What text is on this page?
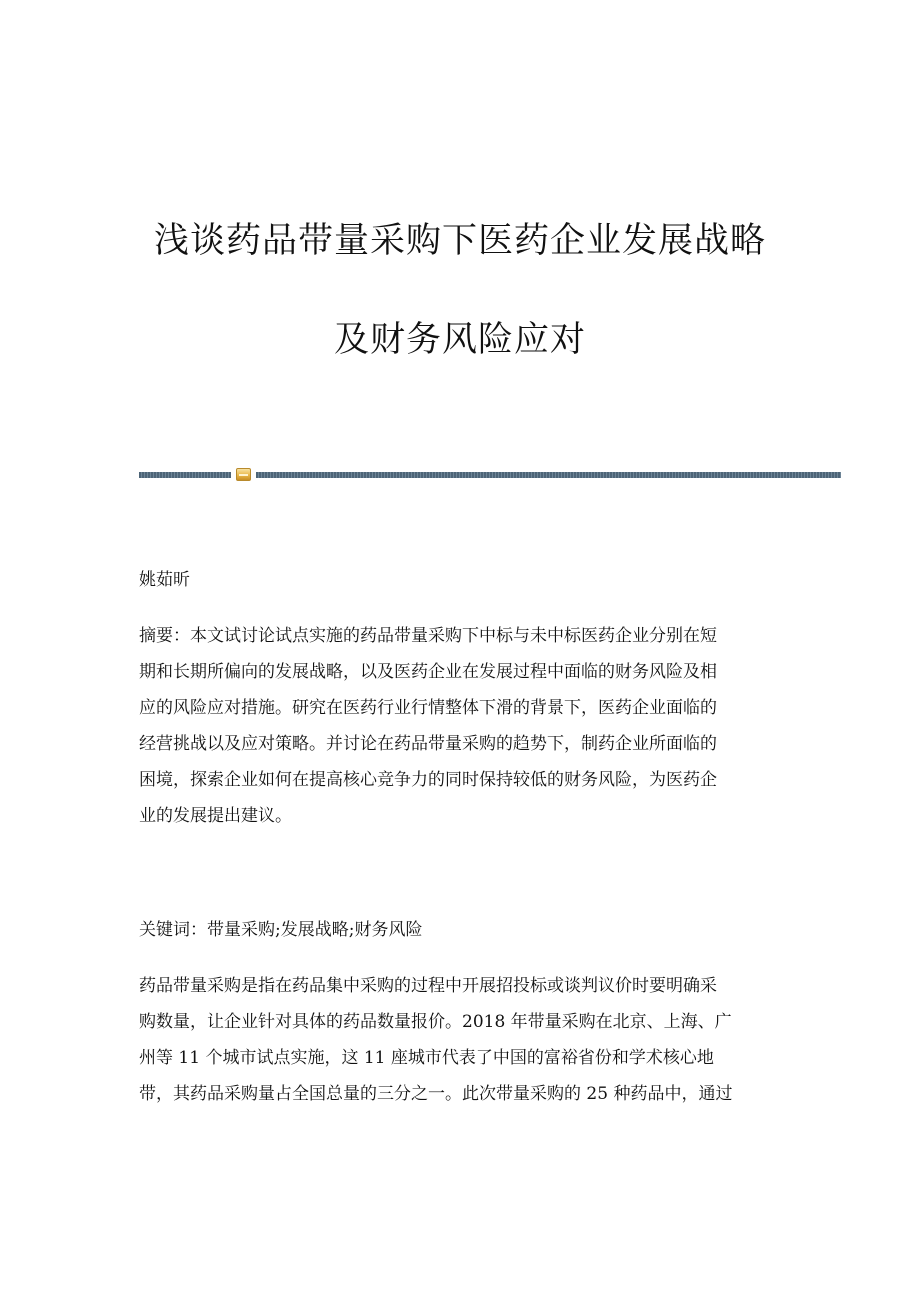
浅谈药品带量采购下医药企业发展战略
及财务风险应对
姚茹昕
摘要：本文试讨论试点实施的药品带量采购下中标与未中标医药企业分别在短
期和长期所偏向的发展战略，以及医药企业在发展过程中面临的财务风险及相
应的风险应对措施。研究在医药行业行情整体下滑的背景下，医药企业面临的
经营挑战以及应对策略。并讨论在药品带量采购的趋势下，制药企业所面临的
困境，探索企业如何在提高核心竞争力的同时保持较低的财务风险，为医药企
业的发展提出建议。
关键词：带量采购;发展战略;财务风险
药品带量采购是指在药品集中采购的过程中开展招投标或谈判议价时要明确采
购数量，让企业针对具体的药品数量报价。2018 年带量采购在北京、上海、广
州等 11 个城市试点实施，这 11 座城市代表了中国的富裕省份和学术核心地
带，其药品采购量占全国总量的三分之一。此次带量采购的 25 种药品中，通过
